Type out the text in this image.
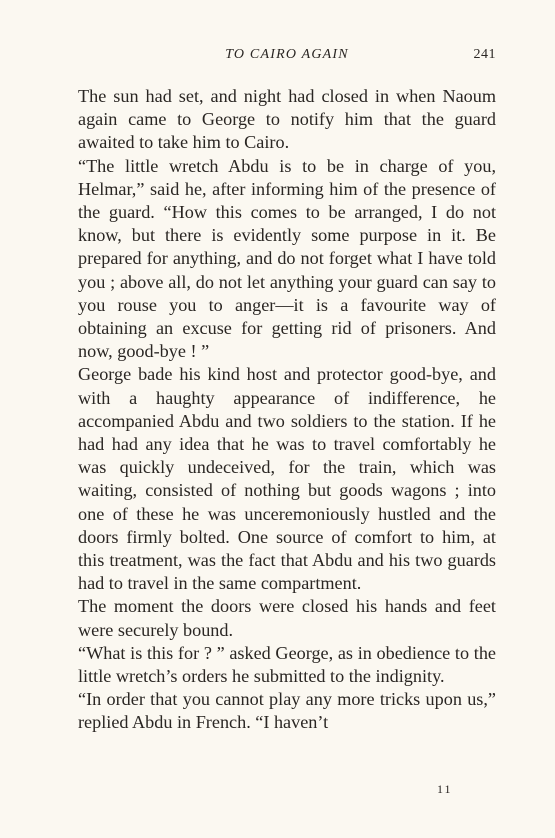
TO CAIRO AGAIN	241

The sun had set, and night had closed in when Naoum again came to George to notify him that the guard awaited to take him to Cairo.

“The little wretch Abdu is to be in charge of you, Helmar,” said he, after informing him of the presence of the guard. “How this comes to be arranged, I do not know, but there is evidently some purpose in it. Be prepared for anything, and do not forget what I have told you ; above all, do not let anything your guard can say to you rouse you to anger—it is a favourite way of obtaining an excuse for getting rid of prisoners. And now, good-bye ! ”

George bade his kind host and protector good-bye, and with a haughty appearance of indifference, he accompanied Abdu and two soldiers to the station. If he had had any idea that he was to travel comfortably he was quickly undeceived, for the train, which was waiting, consisted of nothing but goods wagons ; into one of these he was unceremoniously hustled and the doors firmly bolted. One source of comfort to him, at this treatment, was the fact that Abdu and his two guards had to travel in the same compartment.

The moment the doors were closed his hands and feet were securely bound.

“What is this for ? ” asked George, as in obedience to the little wretch’s orders he submitted to the indignity.

“In order that you cannot play any more tricks upon us,” replied Abdu in French. “I haven’t

11
